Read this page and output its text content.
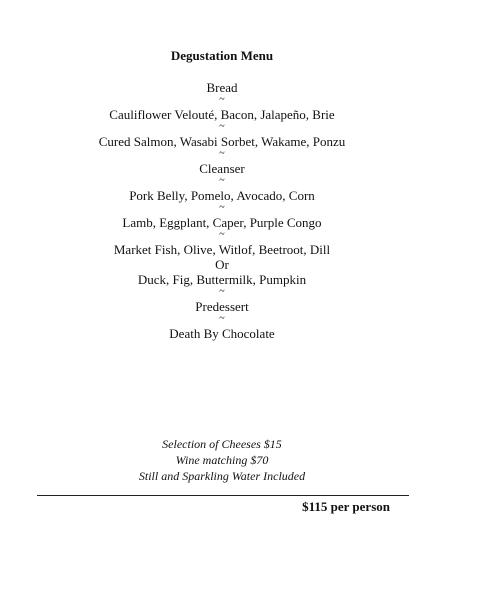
Degustation Menu
Bread
~
Cauliflower Velouté, Bacon, Jalapeño, Brie
~
Cured Salmon, Wasabi Sorbet, Wakame, Ponzu
~
Cleanser
~
Pork Belly, Pomelo, Avocado, Corn
~
Lamb, Eggplant, Caper, Purple Congo
~
Market Fish, Olive, Witlof, Beetroot, Dill
Or
Duck, Fig, Buttermilk, Pumpkin
~
Predessert
~
Death By Chocolate
Selection of Cheeses $15
Wine matching $70
Still and Sparkling Water Included
$115 per person
